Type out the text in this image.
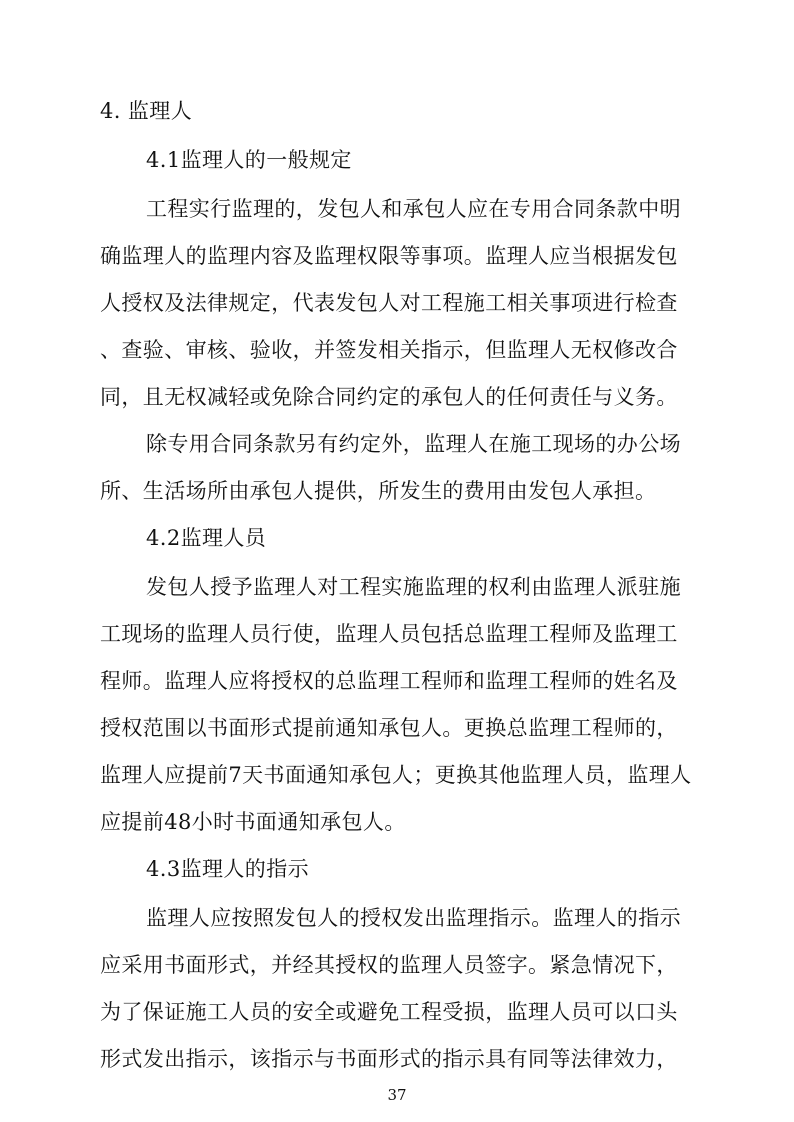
4. 监理人
4.1监理人的一般规定
工程实行监理的，发包人和承包人应在专用合同条款中明
确监理人的监理内容及监理权限等事项。监理人应当根据发包
人授权及法律规定，代表发包人对工程施工相关事项进行检查
、查验、审核、验收，并签发相关指示，但监理人无权修改合
同，且无权减轻或免除合同约定的承包人的任何责任与义务。
除专用合同条款另有约定外，监理人在施工现场的办公场
所、生活场所由承包人提供，所发生的费用由发包人承担。
4.2监理人员
发包人授予监理人对工程实施监理的权利由监理人派驻施
工现场的监理人员行使，监理人员包括总监理工程师及监理工
程师。监理人应将授权的总监理工程师和监理工程师的姓名及
授权范围以书面形式提前通知承包人。更换总监理工程师的，
监理人应提前7天书面通知承包人；更换其他监理人员，监理人
应提前48小时书面通知承包人。
4.3监理人的指示
监理人应按照发包人的授权发出监理指示。监理人的指示
应采用书面形式，并经其授权的监理人员签字。紧急情况下，
为了保证施工人员的安全或避免工程受损，监理人员可以口头
形式发出指示，该指示与书面形式的指示具有同等法律效力，
37
